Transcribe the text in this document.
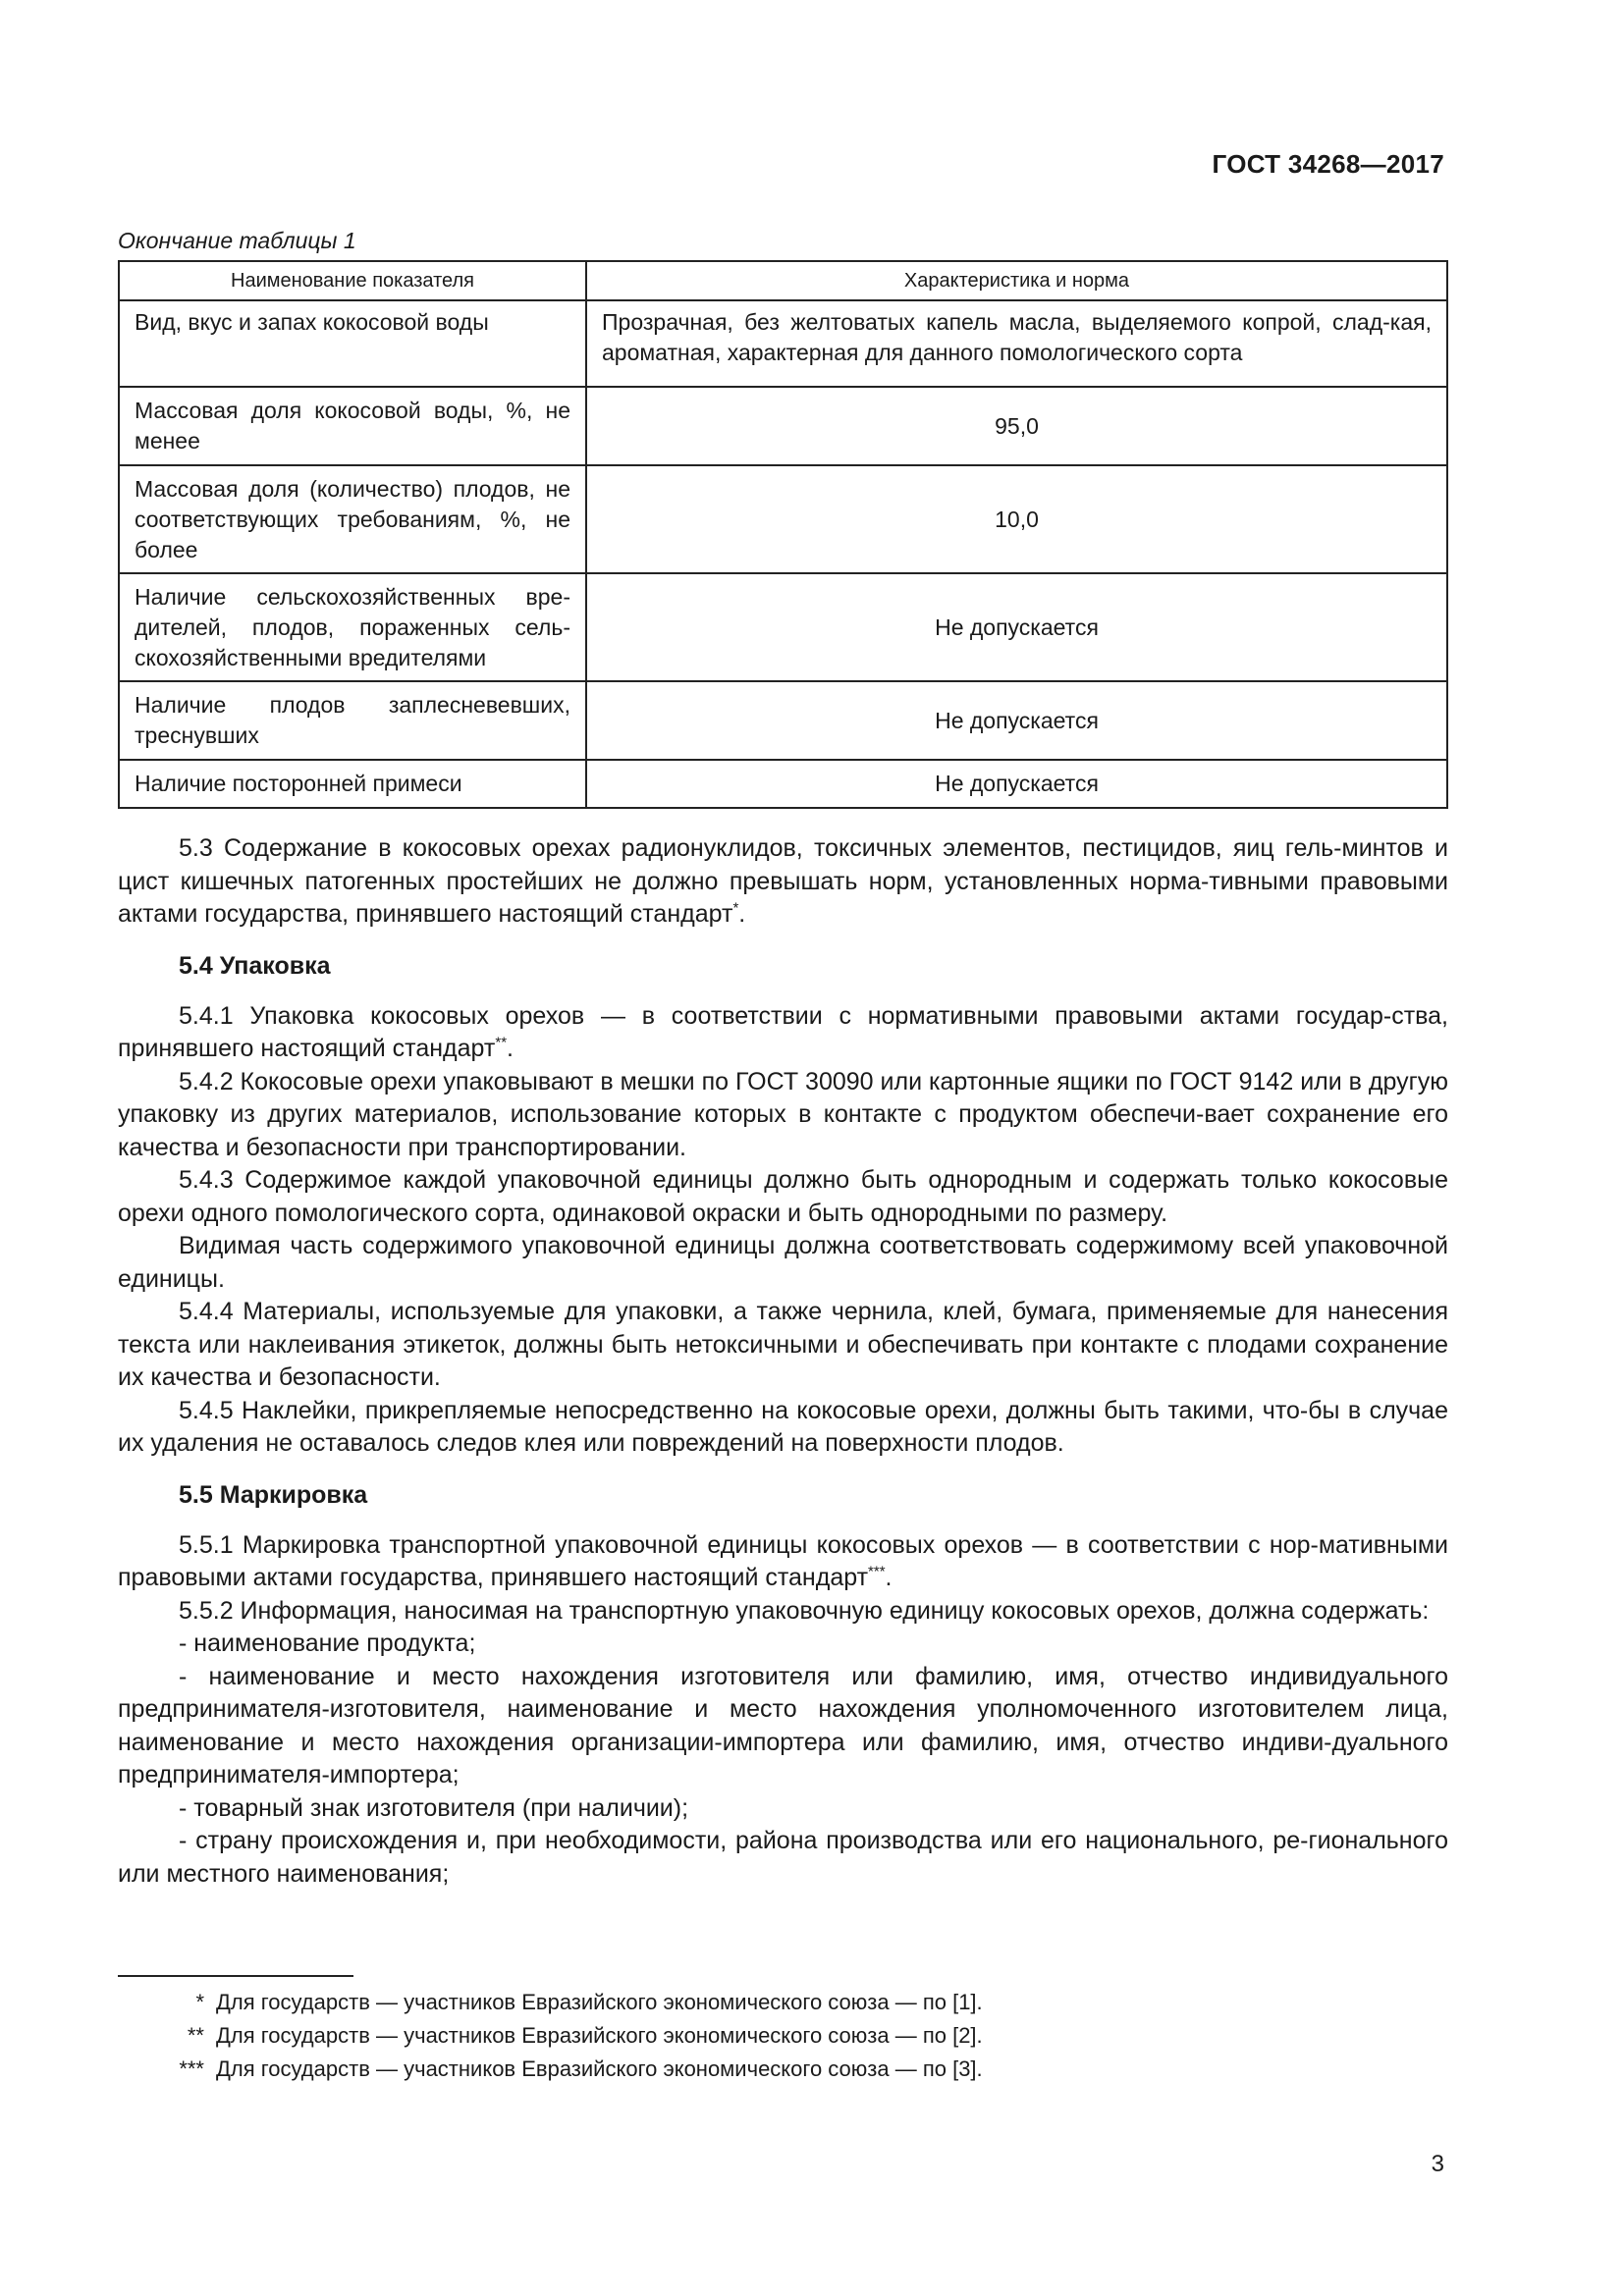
ГОСТ 34268—2017
Окончание таблицы 1
Наименование показателя	Характеристика и норма
Вид, вкус и запах кокосовой воды	Прозрачная, без желтоватых капель масла, выделяемого копрой, слад-кая, ароматная, характерная для данного помологического сорта
Массовая доля кокосовой воды, %, не менее	95,0
Массовая доля (количество) плодов, не соответствующих требованиям, %, не более	10,0
Наличие сельскохозяйственных вре-дителей, плодов, пораженных сель-скохозяйственными вредителями	Не допускается
Наличие плодов заплесневевших, треснувших	Не допускается
Наличие посторонней примеси	Не допускается

5.3 Содержание в кокосовых орехах радионуклидов, токсичных элементов, пестицидов, яиц гель-минтов и цист кишечных патогенных простейших не должно превышать норм, установленных норма-тивными правовыми актами государства, принявшего настоящий стандарт*.

5.4 Упаковка

5.4.1 Упаковка кокосовых орехов — в соответствии с нормативными правовыми актами государ-ства, принявшего настоящий стандарт**.

5.4.2 Кокосовые орехи упаковывают в мешки по ГОСТ 30090 или картонные ящики по ГОСТ 9142 или в другую упаковку из других материалов, использование которых в контакте с продуктом обеспечи-вает сохранение его качества и безопасности при транспортировании.

5.4.3 Содержимое каждой упаковочной единицы должно быть однородным и содержать только кокосовые орехи одного помологического сорта, одинаковой окраски и быть однородными по размеру.

Видимая часть содержимого упаковочной единицы должна соответствовать содержимому всей упаковочной единицы.

5.4.4 Материалы, используемые для упаковки, а также чернила, клей, бумага, применяемые для нанесения текста или наклеивания этикеток, должны быть нетоксичными и обеспечивать при контакте с плодами сохранение их качества и безопасности.

5.4.5 Наклейки, прикрепляемые непосредственно на кокосовые орехи, должны быть такими, что-бы в случае их удаления не оставалось следов клея или повреждений на поверхности плодов.

5.5 Маркировка

5.5.1 Маркировка транспортной упаковочной единицы кокосовых орехов — в соответствии с нор-мативными правовыми актами государства, принявшего настоящий стандарт***.

5.5.2 Информация, наносимая на транспортную упаковочную единицу кокосовых орехов, должна содержать:

- наименование продукта;

- наименование и место нахождения изготовителя или фамилию, имя, отчество индивидуального предпринимателя-изготовителя, наименование и место нахождения уполномоченного изготовителем лица, наименование и место нахождения организации-импортера или фамилию, имя, отчество индиви-дуального предпринимателя-импортера;

- товарный знак изготовителя (при наличии);

- страну происхождения и, при необходимости, района производства или его национального, ре-гионального или местного наименования;

* Для государств — участников Евразийского экономического союза — по [1].
** Для государств — участников Евразийского экономического союза — по [2].
*** Для государств — участников Евразийского экономического союза — по [3].
3
